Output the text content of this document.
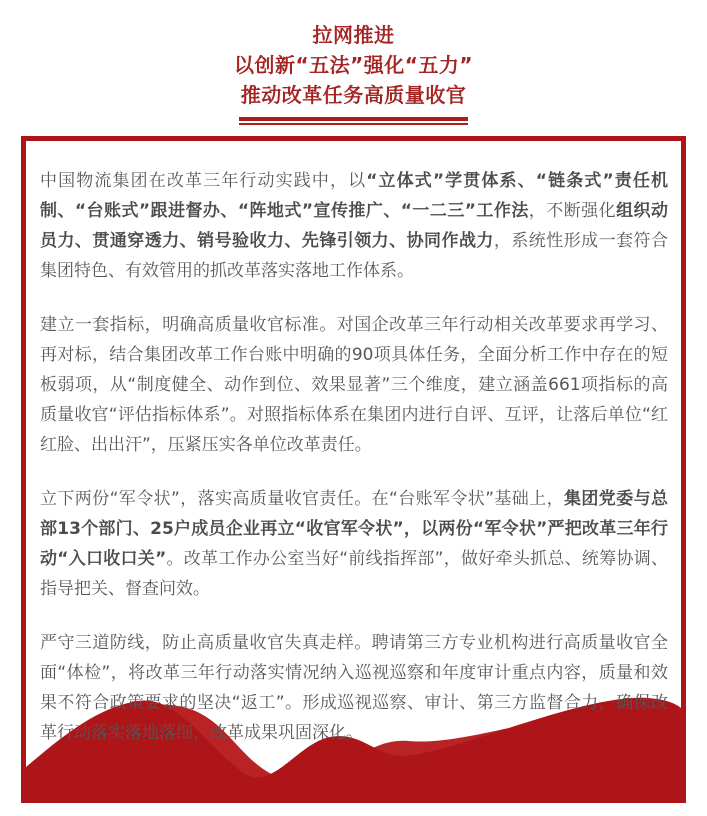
拉网推进
以创新“五法”强化“五力”
推动改革任务高质量收官

中国物流集团在改革三年行动实践中，以“立体式”学贯体系、“链条式”责任机制、“台账式”跟进督办、“阵地式”宣传推广、“一二三”工作法，不断强化组织动员力、贯通穿透力、销号验收力、先锋引领力、协同作战力，系统性形成一套符合集团特色、有效管用的抓改革落实落地工作体系。

建立一套指标，明确高质量收官标准。对国企改革三年行动相关改革要求再学习、再对标，结合集团改革工作台账中明确的90项具体任务，全面分析工作中存在的短板弱项，从“制度健全、动作到位、效果显著”三个维度，建立涵盖661项指标的高质量收官“评估指标体系”。对照指标体系在集团内进行自评、互评，让落后单位“红红脸、出出汗”，压紧压实各单位改革责任。

立下两份“军令状”，落实高质量收官责任。在“台账军令状”基础上，集团党委与总部13个部门、25户成员企业再立“收官军令状”，以两份“军令状”严把改革三年行动“入口收口关”。改革工作办公室当好“前线指挥部”，做好牵头抓总、统筹协调、指导把关、督查问效。

严守三道防线，防止高质量收官失真走样。聘请第三方专业机构进行高质量收官全面“体检”，将改革三年行动落实情况纳入巡视巡察和年度审计重点内容，质量和效果不符合政策要求的坚决“返工”。形成巡视巡察、审计、第三方监督合力，确保改革行动落实落地落细，改革成果巩固深化。
